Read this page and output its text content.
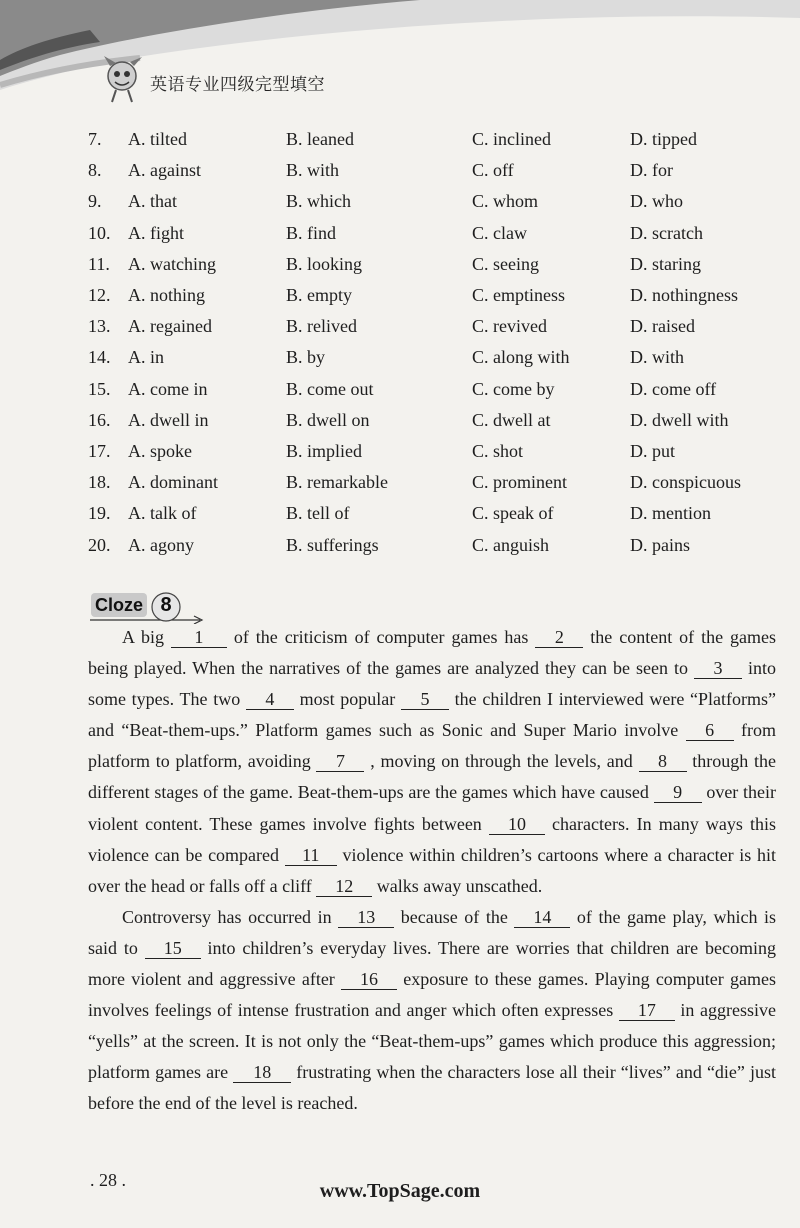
英语专业四级完型填空
7.	A. tilted	B. leaned	C. inclined	D. tipped
8.	A. against	B. with	C. off	D. for
9.	A. that	B. which	C. whom	D. who
10. A. fight	B. find	C. claw	D. scratch
11.	A. watching	B. looking	C. seeing	D. staring
12. A. nothing	B. empty	C. emptiness	D. nothingness
13. A. regained	B. relived	C. revived	D. raised
14. A. in	B. by	C. along with	D. with
15. A. come in	B. come out	C. come by	D. come off
16. A. dwell in	B. dwell on	C. dwell at	D. dwell with
17. A. spoke	B. implied	C. shot	D. put
18. A. dominant	B. remarkable	C. prominent	D. conspicuous
19. A. talk of	B. tell of	C. speak of	D. mention
20. A. agony	B. sufferings	C. anguish	D. pains
Cloze 8

A big 1 of the criticism of computer games has 2 the content of the games being played. When the narratives of the games are analyzed they can be seen to 3 into some types. The two 4 most popular 5 the children I interviewed were “Platforms” and “Beat-them-ups.” Platform games such as Sonic and Super Mario involve 6 from platform to platform, avoiding 7 , moving on through the levels, and 8 through the different stages of the game. Beat-them-ups are the games which have caused 9 over their violent content. These games involve fights between 10 characters. In many ways this violence can be compared 11 violence within children’s cartoons where a character is hit over the head or falls off a cliff 12 walks away unscathed.

Controversy has occurred in 13 because of the 14 of the game play, which is said to 15 into children’s everyday lives. There are worries that children are becoming more violent and aggressive after 16 exposure to these games. Playing computer games involves feelings of intense frustration and anger which often expresses 17 in aggressive “yells” at the screen. It is not only the “Beat-them-ups” games which produce this aggression; platform games are 18 frustrating when the characters lose all their “lives” and “die” just before the end of the level is reached.

. 28 .	www.TopSage.com
